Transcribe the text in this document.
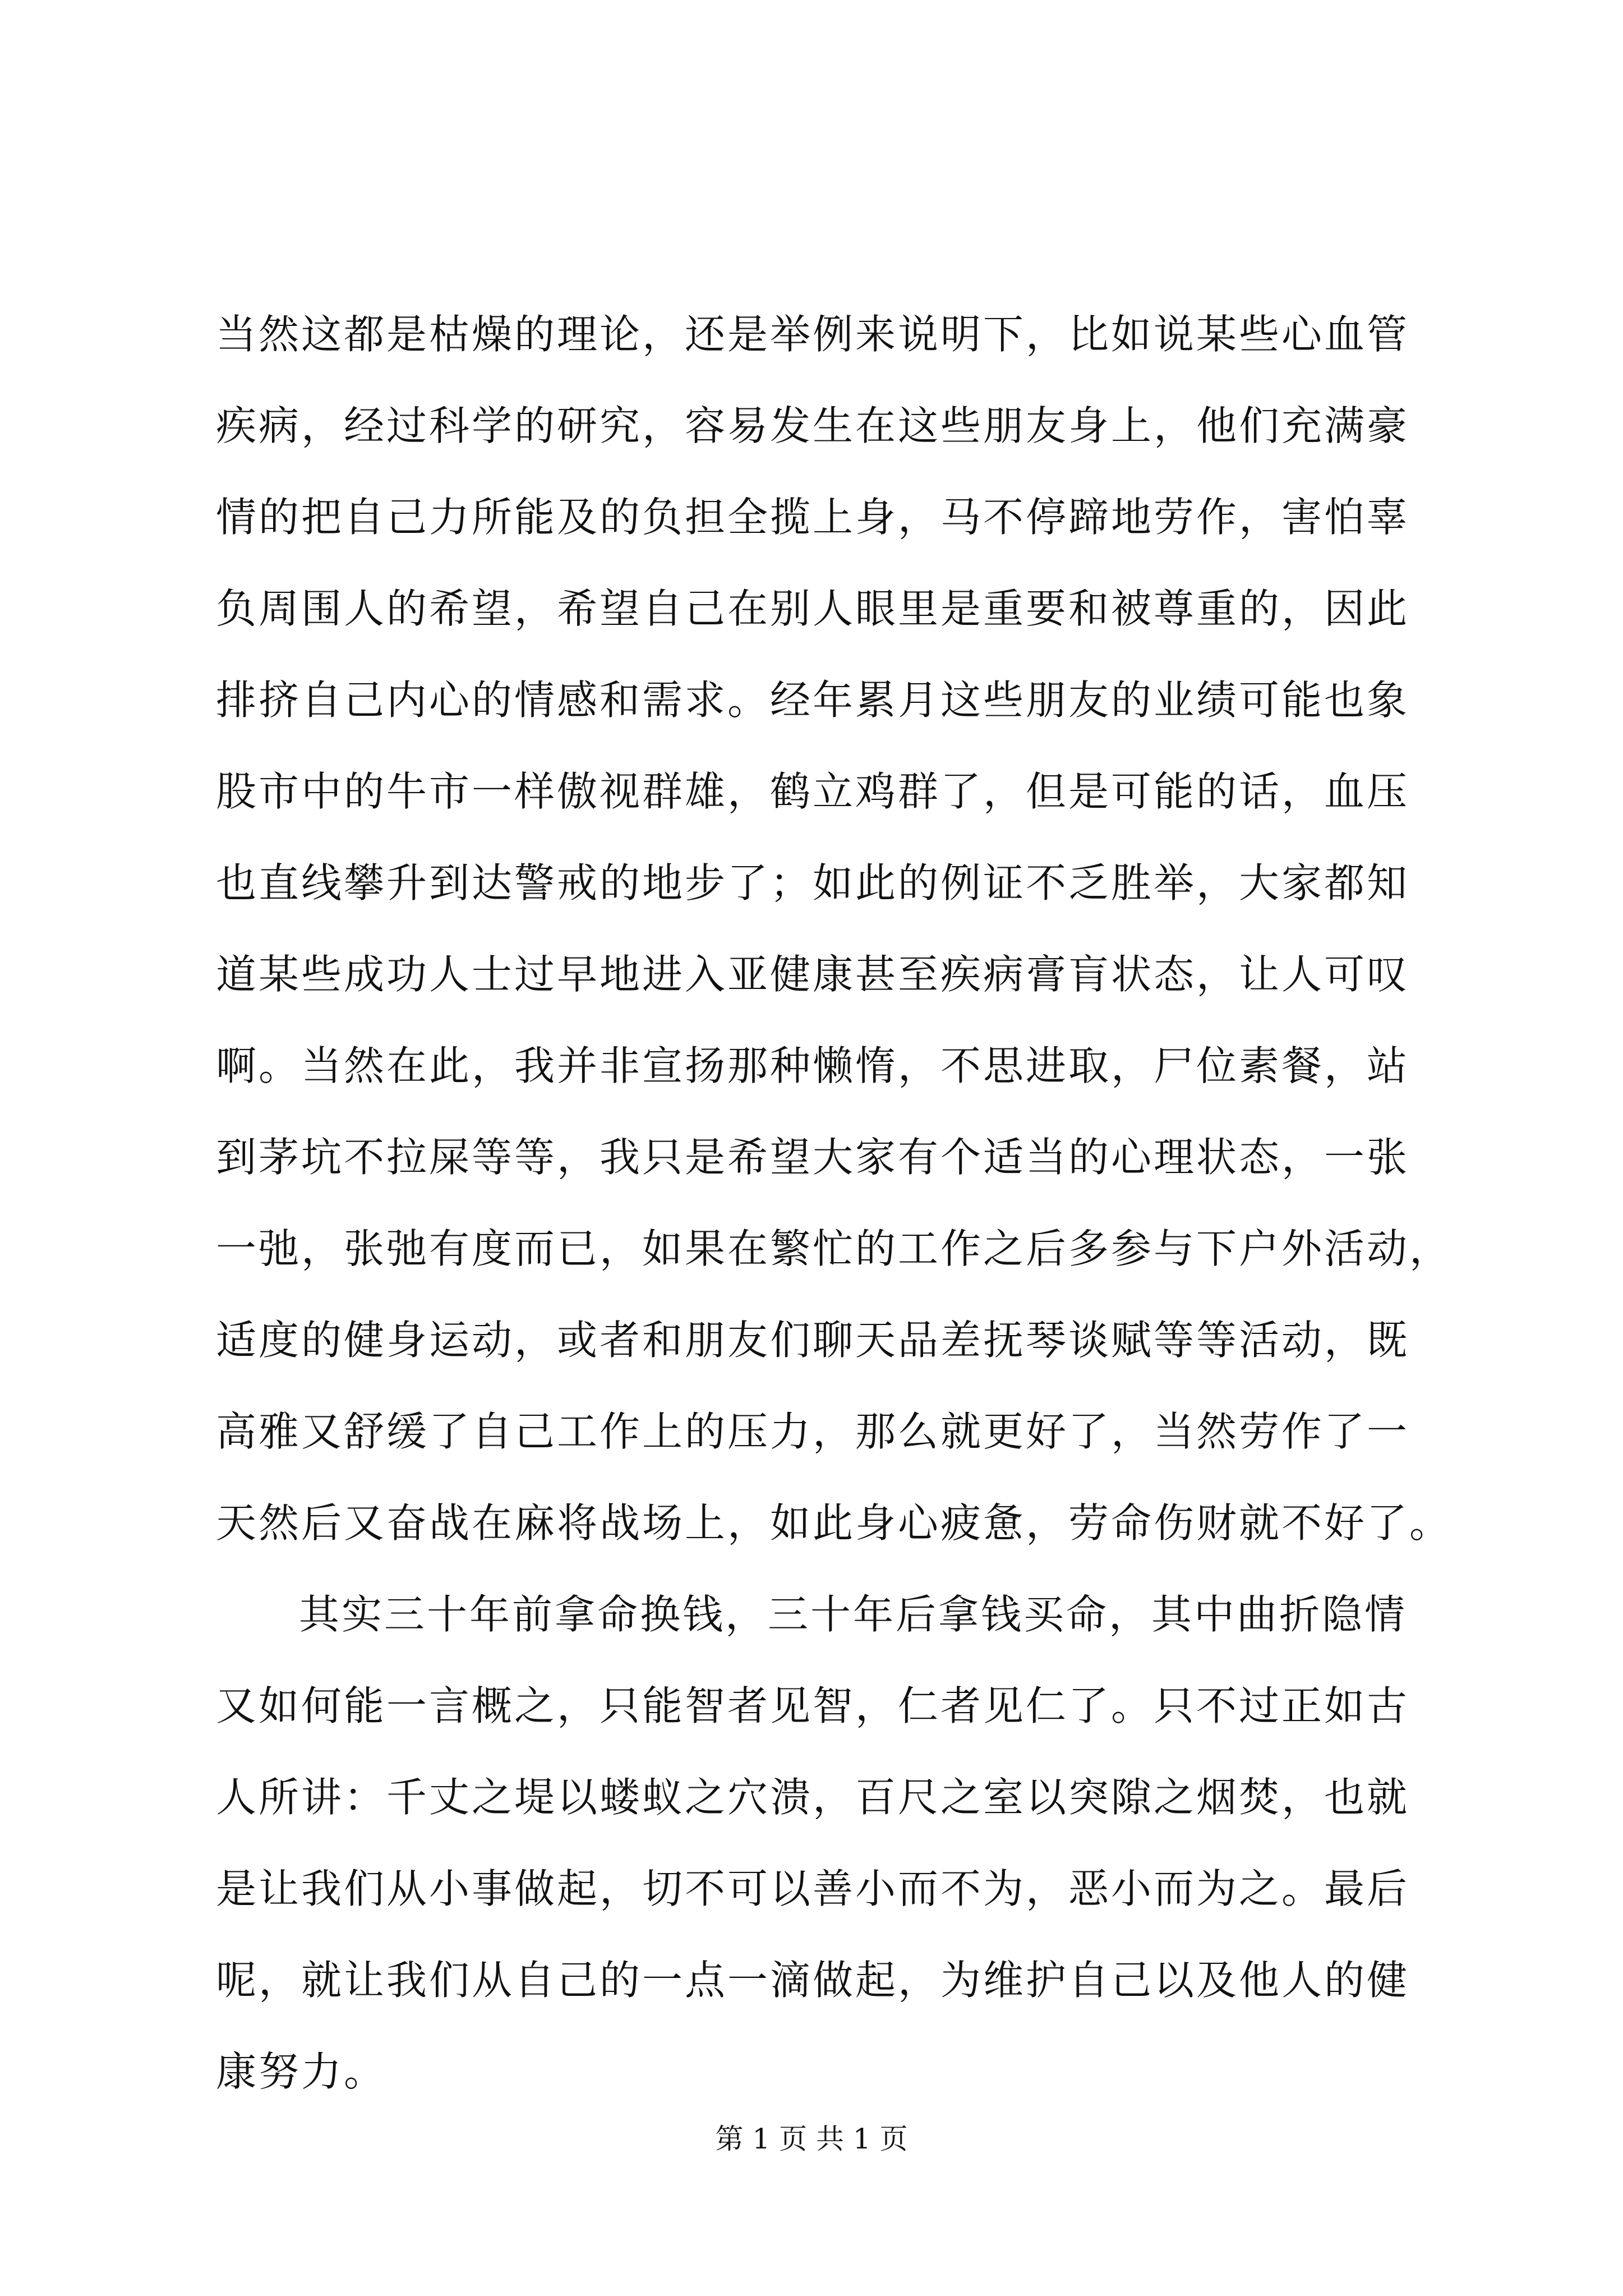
当然这都是枯燥的理论，还是举例来说明下，比如说某些心血管
疾病，经过科学的研究，容易发生在这些朋友身上，他们充满豪
情的把自己力所能及的负担全揽上身，马不停蹄地劳作，害怕辜
负周围人的希望，希望自己在别人眼里是重要和被尊重的，因此
排挤自己内心的情感和需求。经年累月这些朋友的业绩可能也象
股市中的牛市一样傲视群雄，鹤立鸡群了，但是可能的话，血压
也直线攀升到达警戒的地步了；如此的例证不乏胜举，大家都知
道某些成功人士过早地进入亚健康甚至疾病膏肓状态，让人可叹
啊。当然在此，我并非宣扬那种懒惰，不思进取，尸位素餐，站
到茅坑不拉屎等等，我只是希望大家有个适当的心理状态，一张
一弛，张弛有度而已，如果在繁忙的工作之后多参与下户外活动，
适度的健身运动，或者和朋友们聊天品差抚琴谈赋等等活动，既
高雅又舒缓了自己工作上的压力，那么就更好了，当然劳作了一
天然后又奋战在麻将战场上，如此身心疲惫，劳命伤财就不好了。
其实三十年前拿命换钱，三十年后拿钱买命，其中曲折隐情
又如何能一言概之，只能智者见智，仁者见仁了。只不过正如古
人所讲：千丈之堤以蝼蚁之穴溃，百尺之室以突隙之烟焚，也就
是让我们从小事做起，切不可以善小而不为，恶小而为之。最后
呢，就让我们从自己的一点一滴做起，为维护自己以及他人的健
康努力。
第 1 页 共 1 页
